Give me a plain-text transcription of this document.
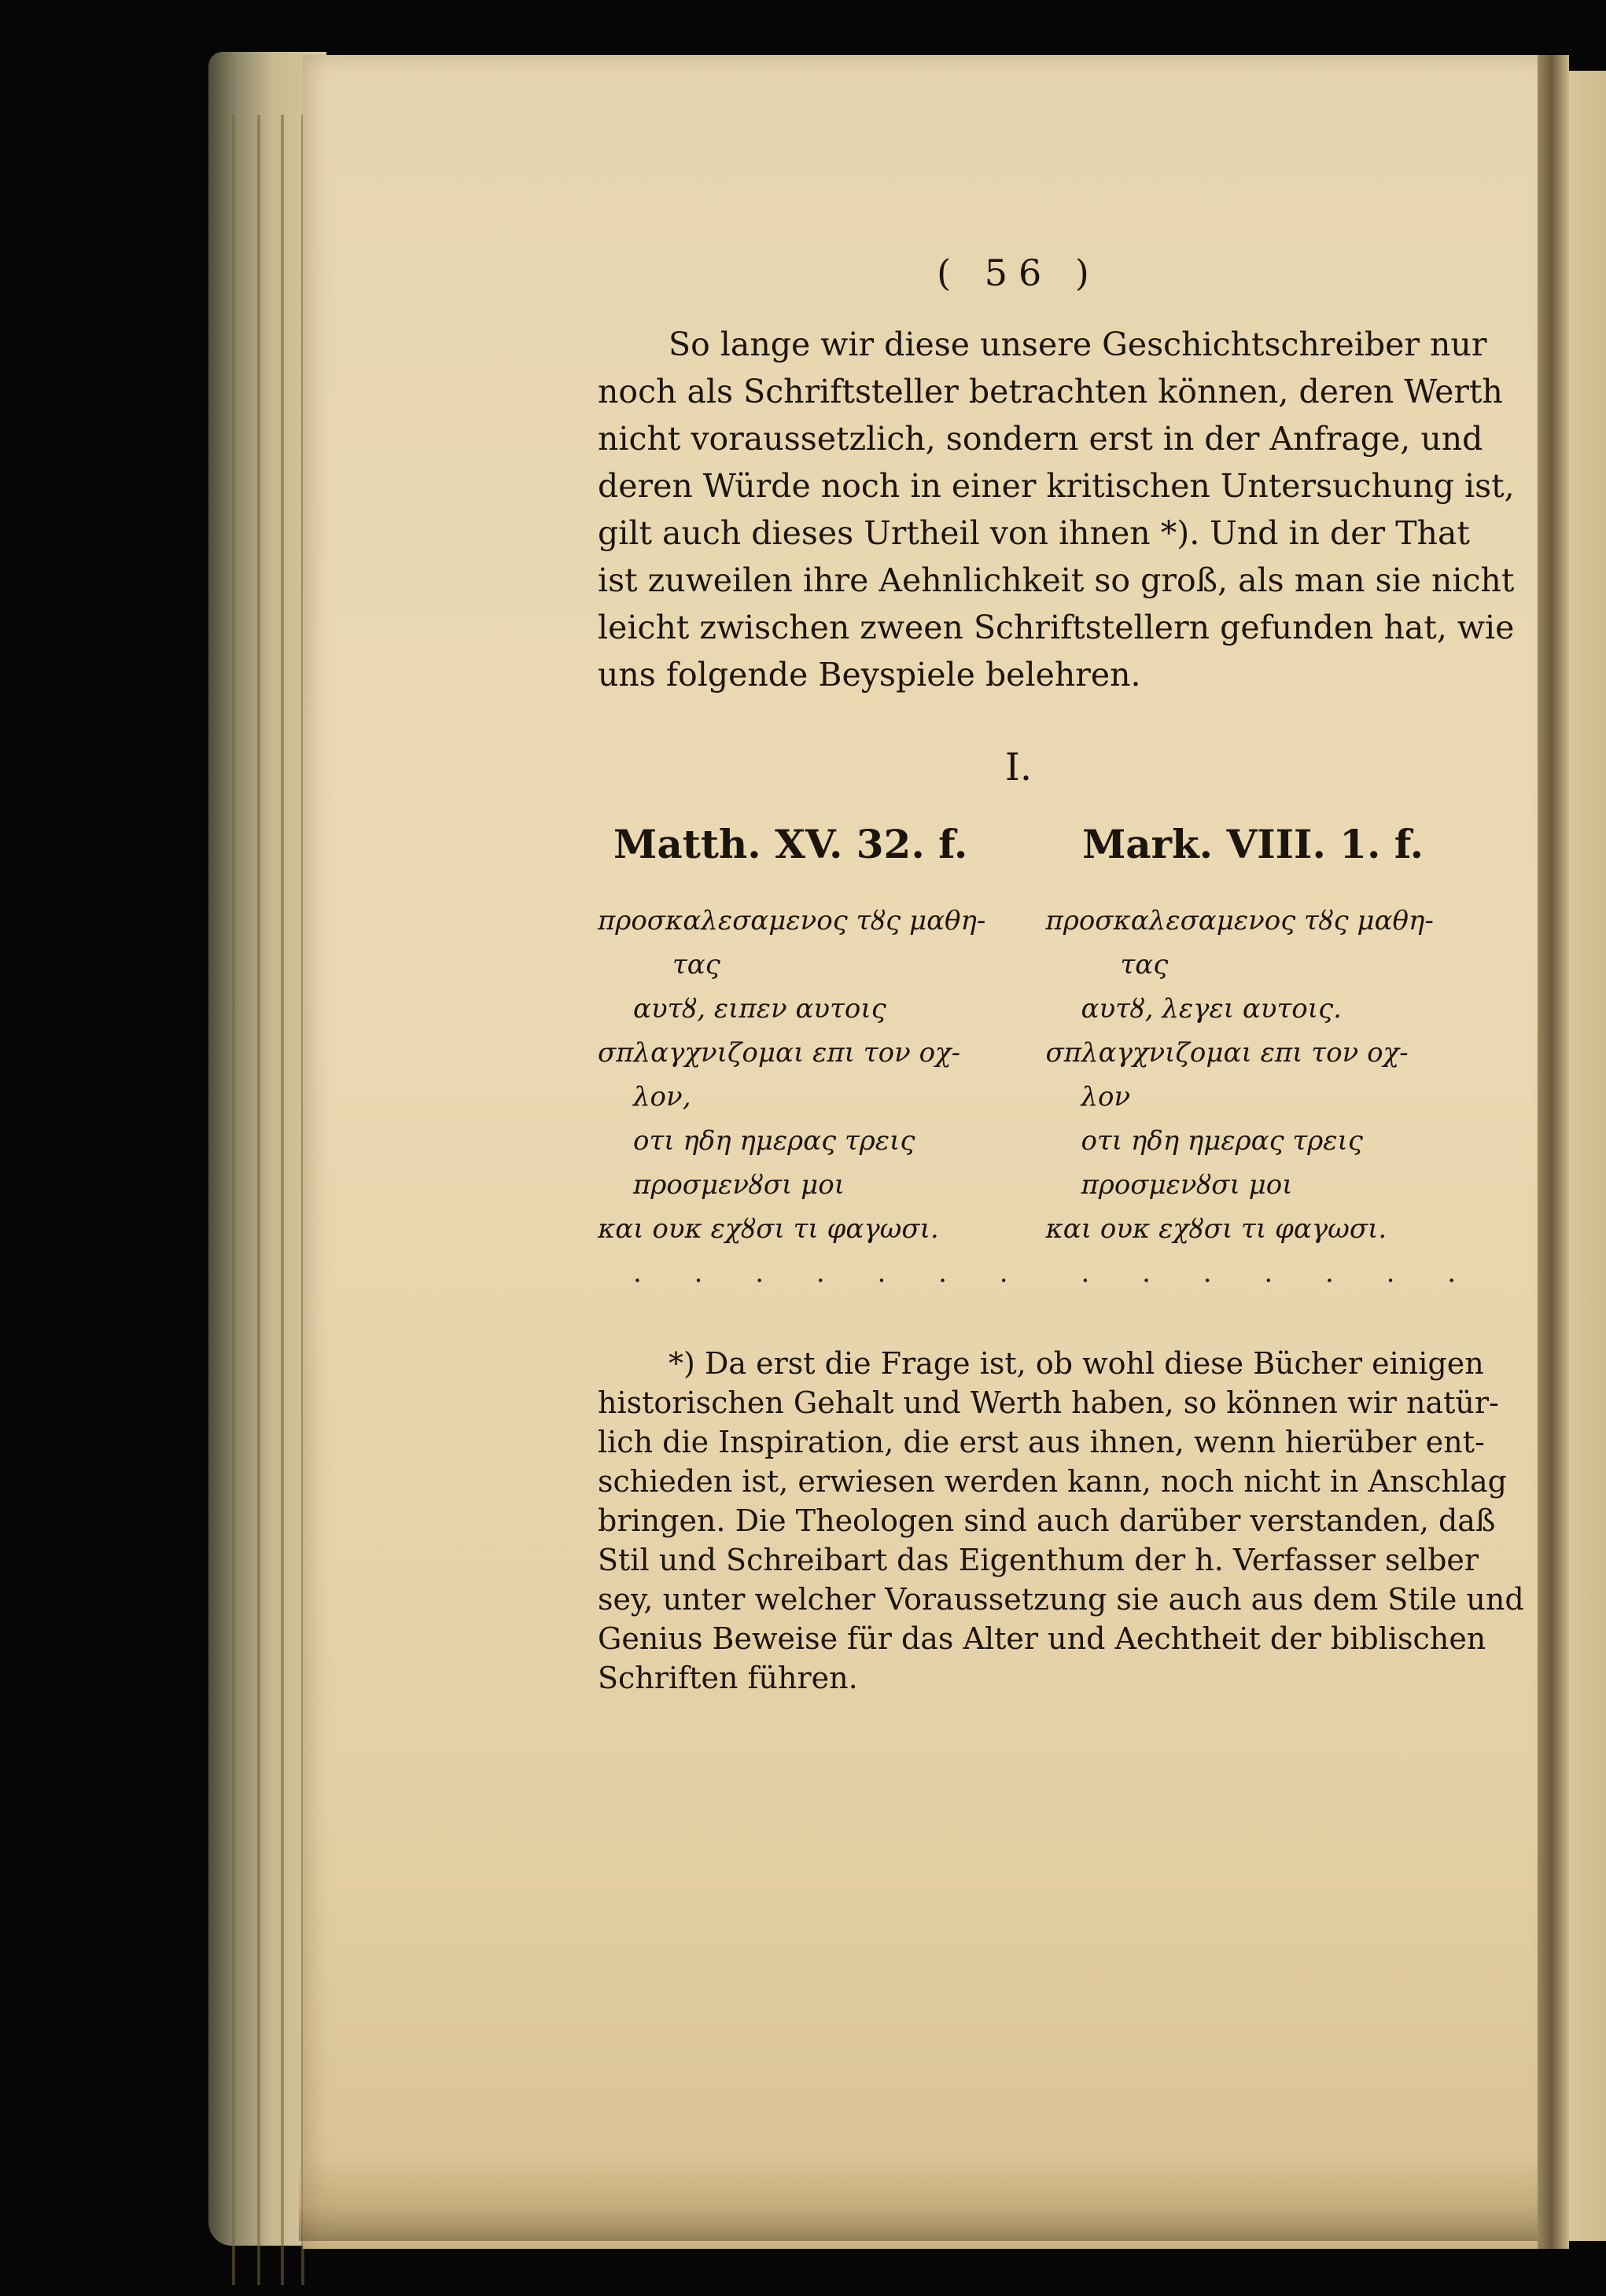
( 56 )

So lange wir diese unsere Geschichtschreiber nur
noch als Schriftsteller betrachten können, deren Werth
nicht voraussetzlich, sondern erst in der Anfrage, und
deren Würde noch in einer kritischen Untersuchung ist,
gilt auch dieses Urtheil von ihnen *). Und in der That
ist zuweilen ihre Aehnlichkeit so groß, als man sie nicht
leicht zwischen zween Schriftstellern gefunden hat, wie
uns folgende Beyspiele belehren.

I.
Matth. XV. 32. f.	Mark. VIII. 1. f.
προσκαλεσαμενος τȣς μαθη-
τας
αυτȣ, ειπεν αυτοις
σπλαγχνιζομαι επι τον οχ-
λον,
οτι ηδη ημερας τρεις
προσμενȣσι μοι
και ουκ εχȣσι τι φαγωσι.
. . . . . . .
προσκαλεσαμενος τȣς μαθη-
τας
αυτȣ, λεγει αυτοις.
σπλαγχνιζομαι επι τον οχ-
λον
οτι ηδη ημερας τρεις
προσμενȣσι μοι
και ουκ εχȣσι τι φαγωσι.
. . . . . . .

*) Da erst die Frage ist, ob wohl diese Bücher einigen
historischen Gehalt und Werth haben, so können wir natür-
lich die Inspiration, die erst aus ihnen, wenn hierüber ent-
schieden ist, erwiesen werden kann, noch nicht in Anschlag
bringen. Die Theologen sind auch darüber verstanden, daß
Stil und Schreibart das Eigenthum der h. Verfasser selber
sey, unter welcher Voraussetzung sie auch aus dem Stile und
Genius Beweise für das Alter und Aechtheit der biblischen
Schriften führen.
